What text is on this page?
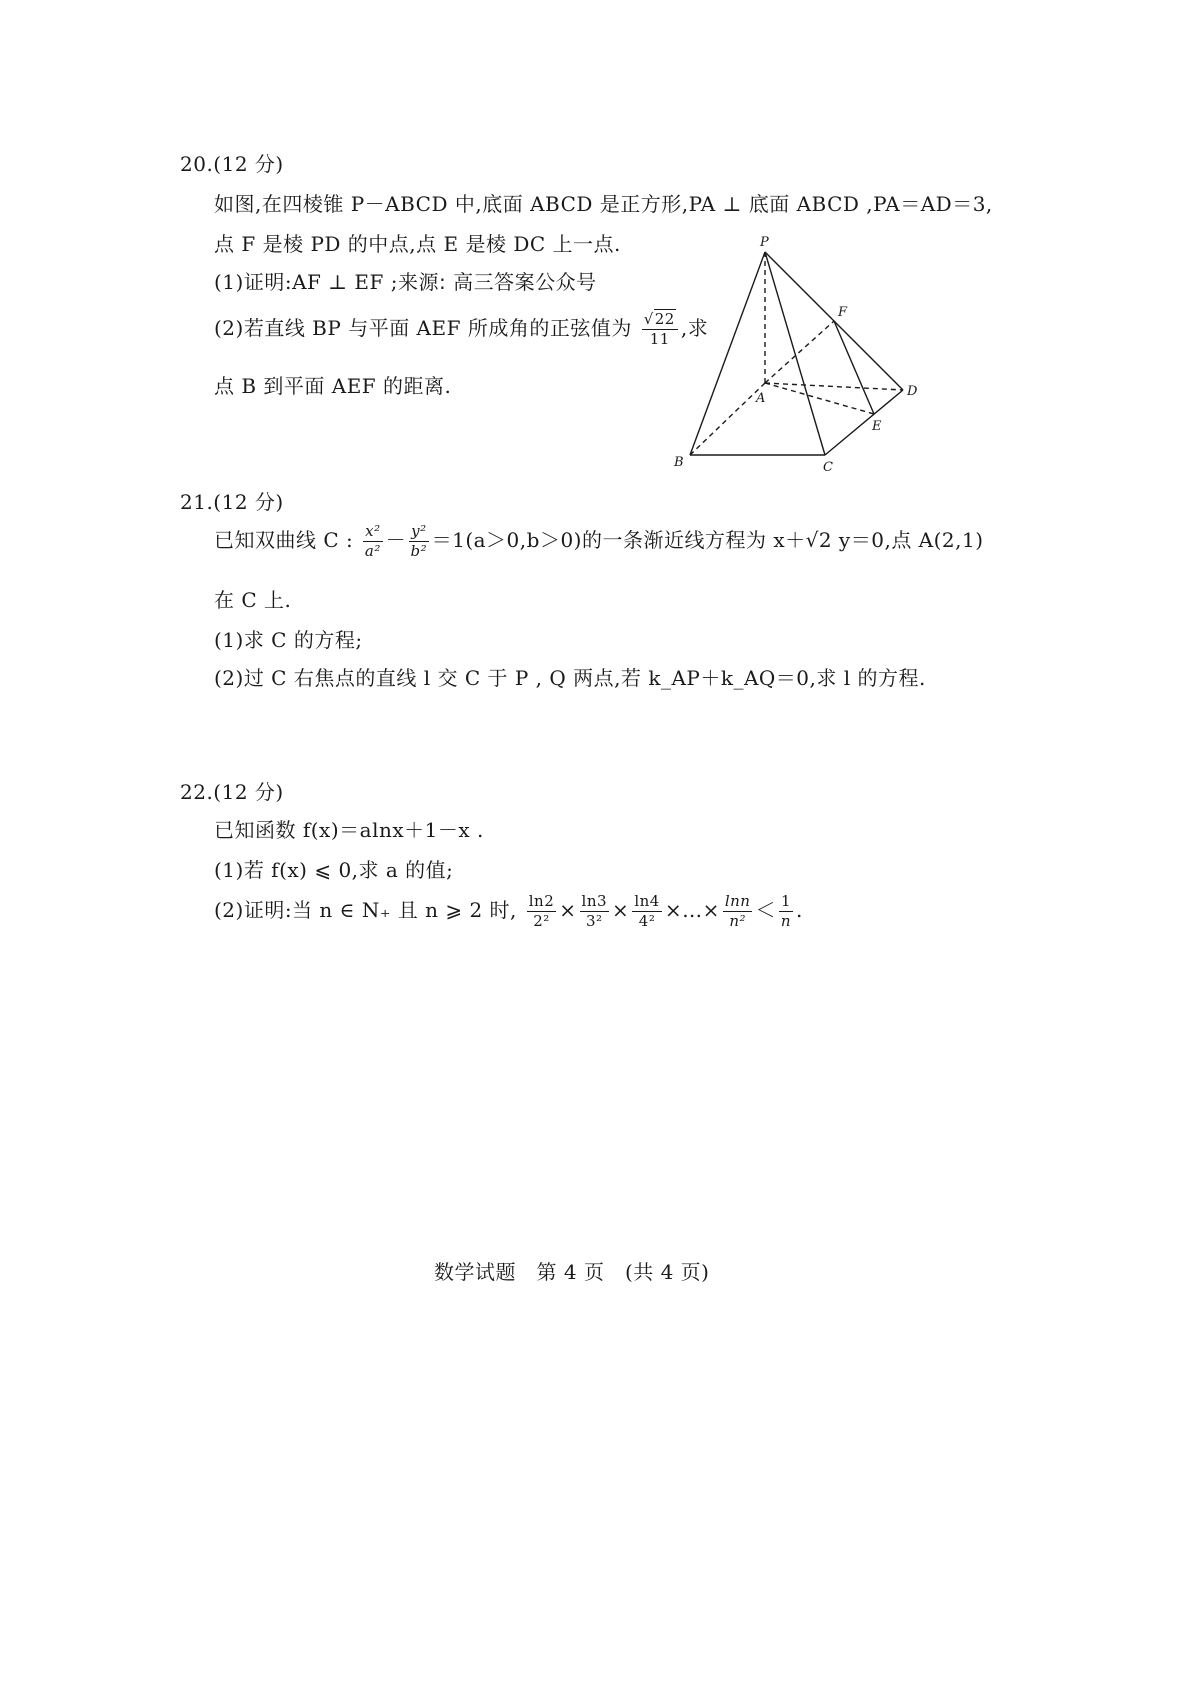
20.(12 分)
如图,在四棱锥 P－ABCD 中,底面 ABCD 是正方形,PA ⊥ 底面 ABCD ,PA＝AD＝3,
点 F 是棱 PD 的中点,点 E 是棱 DC 上一点.
(1)证明:AF ⊥ EF ;来源: 高三答案公众号
(2)若直线 BP 与平面 AEF 所成角的正弦值为 $\frac{√22}{11}$ ,求
点 B 到平面 AEF 的距离.
P
F
A	D
E
B	C
21.(12 分)
已知双曲线 C : $\frac{\text{x²}}{\text{a²}} - \frac{\text{y²}}{\text{b²}} =1(a>0,b>0)$的一条渐近线方程为 x＋√2 y＝0,点 A(2,1)
在 C 上.
(1)求 C 的方程;
(2)过 C 右焦点的直线 l 交 C 于 P , Q 两点,若 k_AP＋k_AQ＝0,求 l 的方程.
22.(12 分)
已知函数 f(x)＝alnx＋1－x .
(1)若 f(x) ⩽ 0,求 a 的值;
(2)证明:当 n ∈ N₊ 且 n ⩾ 2 时, $\frac{\ln 2}{\text{2²}} \times \frac{\ln 3}{\text{3²}} \times \frac{\ln 4}{\text{4²}}$ ×…× $\frac{\ln n}{\text{n²}} < \frac{1}{n}$ .
数学试题　第 4 页　(共 4 页)
